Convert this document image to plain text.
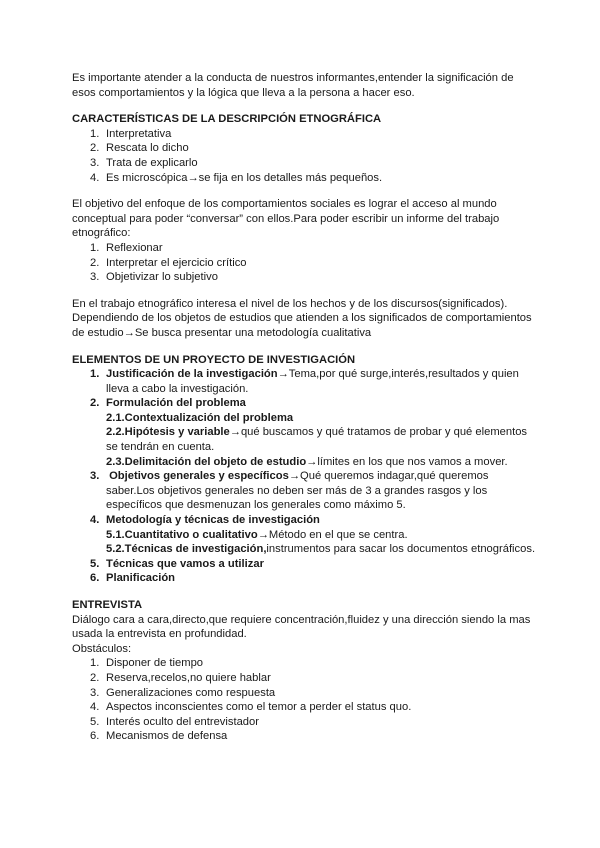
Es importante atender a la conducta de nuestros informantes,entender la significación de esos comportamientos y la lógica que lleva a la persona a hacer eso.

CARACTERÍSTICAS DE LA DESCRIPCIÓN ETNOGRÁFICA
1. Interpretativa
2. Rescata lo dicho
3. Trata de explicarlo
4. Es microscópica→se fija en los detalles más pequeños.

El objetivo del enfoque de los comportamientos sociales es lograr el acceso al mundo conceptual para poder “conversar” con ellos.Para poder escribir un informe del trabajo etnográfico:

1. Reflexionar
2. Interpretar el ejercicio crítico
3. Objetivizar lo subjetivo

En el trabajo etnográfico interesa el nivel de los hechos y de los discursos(significados). Dependiendo de los objetos de estudios que atienden a los significados de comportamientos de estudio→Se busca presentar una metodología cualitativa

ELEMENTOS DE UN PROYECTO DE INVESTIGACIÓN
1. Justificación de la investigación→Tema,por qué surge,interés,resultados y quien lleva a cabo la investigación.
2. Formulación del problema
2.1.Contextualización del problema
2.2.Hipótesis y variable→qué buscamos y qué tratamos de probar y qué elementos se tendrán en cuenta.
2.3.Delimitación del objeto de estudio→límites en los que nos vamos a mover.
3. Objetivos generales y específicos→Qué queremos indagar,qué queremos saber.Los objetivos generales no deben ser más de 3 a grandes rasgos y los específicos que desmenuzan los generales como máximo 5.
4. Metodología y técnicas de investigación
5.1.Cuantitativo o cualitativo→Método en el que se centra.
5.2.Técnicas de investigación,instrumentos para sacar los documentos etnográficos.
5. Técnicas que vamos a utilizar
6. Planificación
ENTREVISTA

Diálogo cara a cara,directo,que requiere concentración,fluidez y una dirección siendo la mas usada la entrevista en profundidad.

Obstáculos:

1. Disponer de tiempo
2. Reserva,recelos,no quiere hablar
3. Generalizaciones como respuesta
4. Aspectos inconscientes como el temor a perder el status quo.
5. Interés oculto del entrevistador
6. Mecanismos de defensa
